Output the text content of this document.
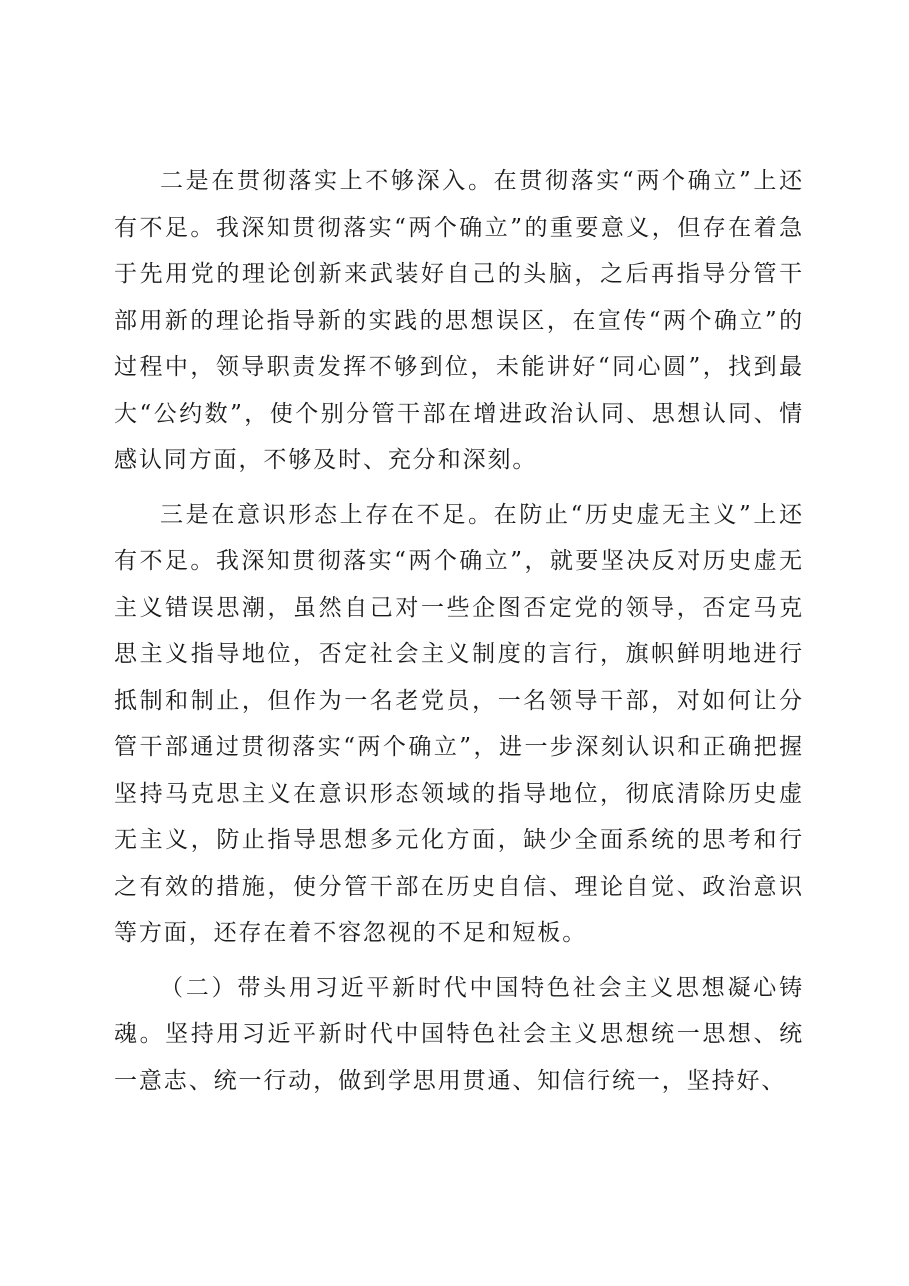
二是在贯彻落实上不够深入。在贯彻落实“两个确立”上还有不足。我深知贯彻落实“两个确立”的重要意义，但存在着急于先用党的理论创新来武装好自己的头脑，之后再指导分管干部用新的理论指导新的实践的思想误区，在宣传“两个确立”的过程中，领导职责发挥不够到位，未能讲好“同心圆”，找到最大“公约数”，使个别分管干部在增进政治认同、思想认同、情感认同方面，不够及时、充分和深刻。

三是在意识形态上存在不足。在防止“历史虚无主义”上还有不足。我深知贯彻落实“两个确立”，就要坚决反对历史虚无主义错误思潮，虽然自己对一些企图否定党的领导，否定马克思主义指导地位，否定社会主义制度的言行，旗帜鲜明地进行抵制和制止，但作为一名老党员，一名领导干部，对如何让分管干部通过贯彻落实“两个确立”，进一步深刻认识和正确把握坚持马克思主义在意识形态领域的指导地位，彻底清除历史虚无主义，防止指导思想多元化方面，缺少全面系统的思考和行之有效的措施，使分管干部在历史自信、理论自觉、政治意识等方面，还存在着不容忽视的不足和短板。

（二）带头用习近平新时代中国特色社会主义思想凝心铸魂。坚持用习近平新时代中国特色社会主义思想统一思想、统一意志、统一行动，做到学思用贯通、知信行统一，坚持好、
